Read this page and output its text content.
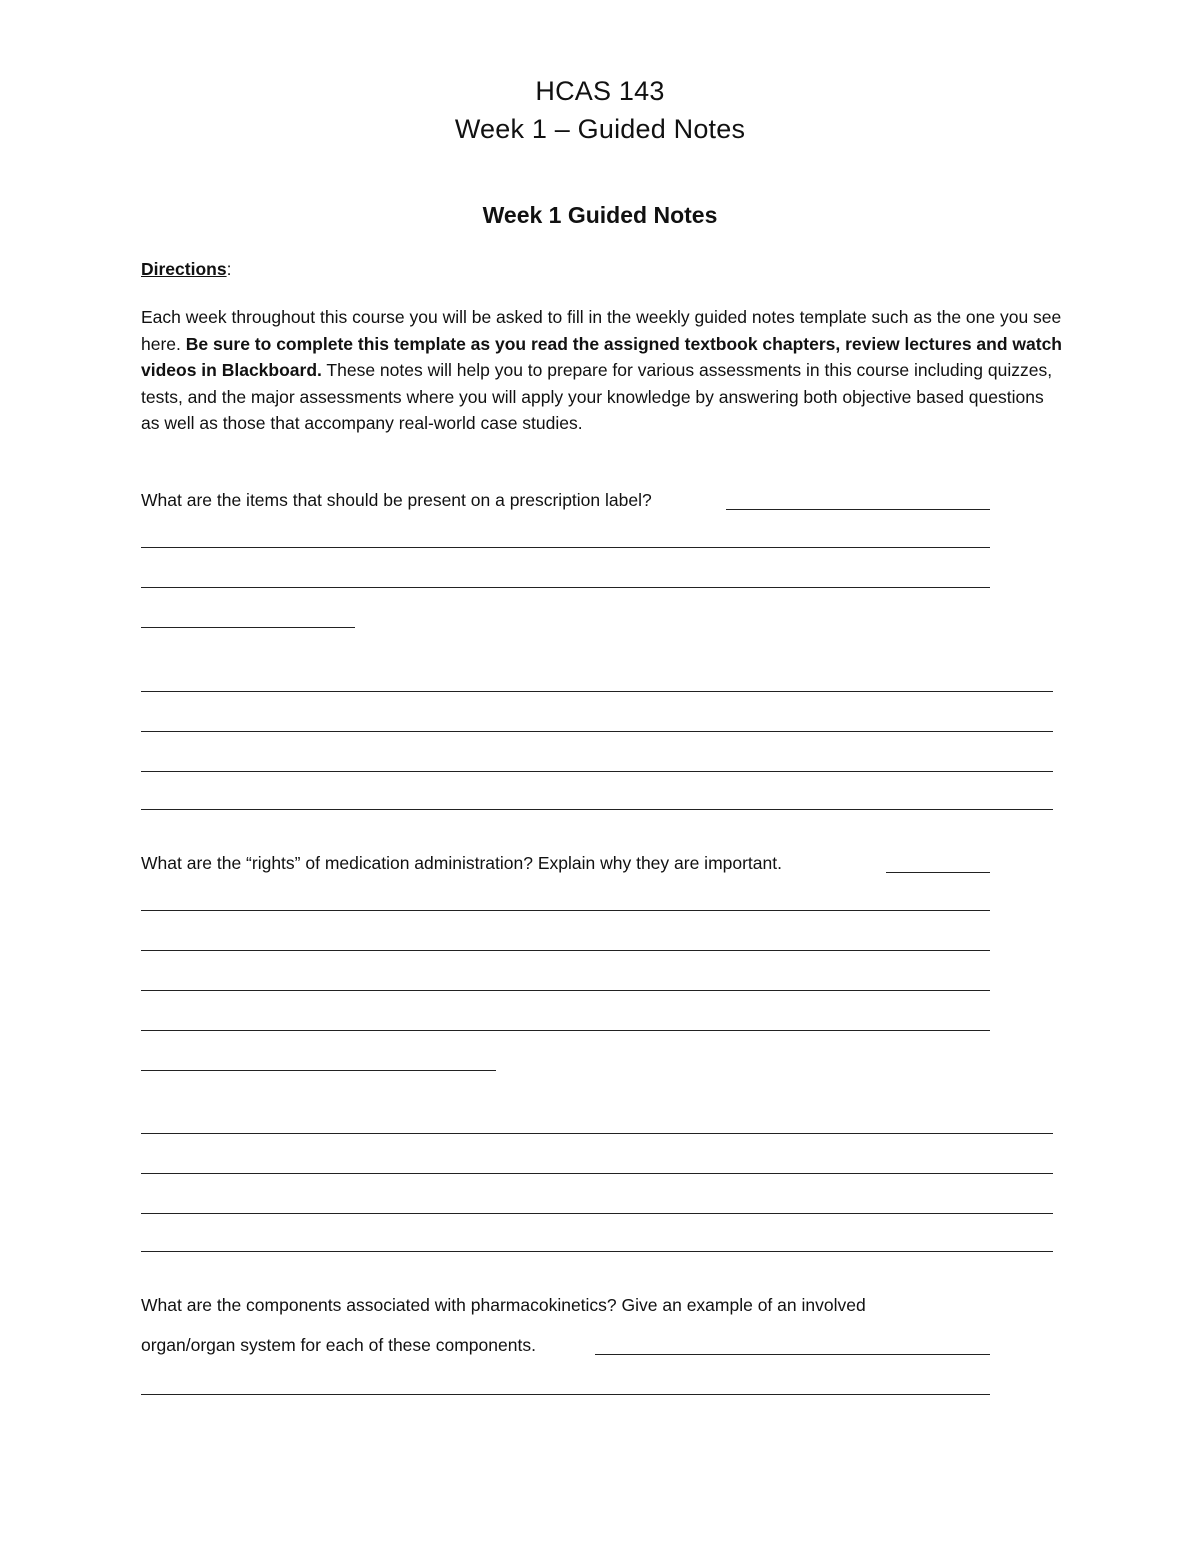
HCAS 143
Week 1 – Guided Notes
Week 1 Guided Notes
Directions:
Each week throughout this course you will be asked to fill in the weekly guided notes template such as the one you see here. Be sure to complete this template as you read the assigned textbook chapters, review lectures and watch videos in Blackboard. These notes will help you to prepare for various assessments in this course including quizzes, tests, and the major assessments where you will apply your knowledge by answering both objective based questions as well as those that accompany real-world case studies.
What are the items that should be present on a prescription label?
What are the “rights” of medication administration? Explain why they are important.
What are the components associated with pharmacokinetics? Give an example of an involved
organ/organ system for each of these components.
